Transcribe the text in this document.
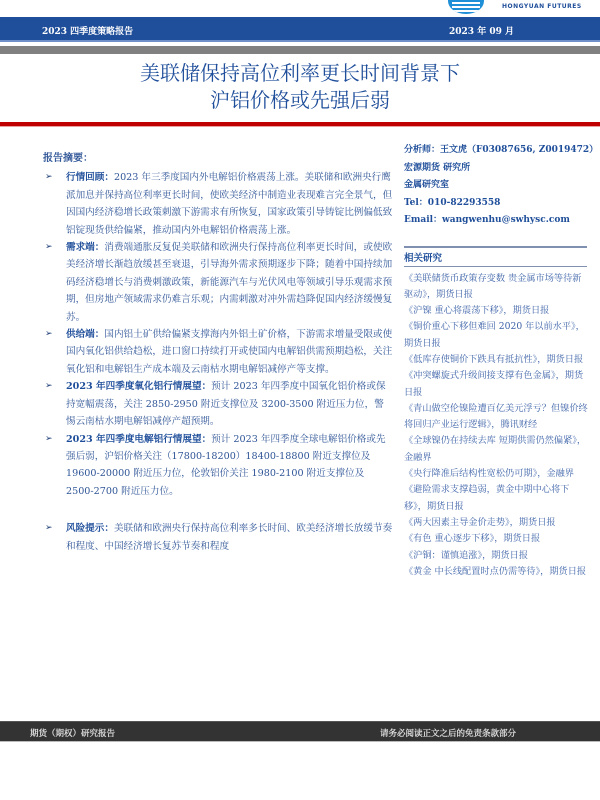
HONGYUAN FUTURES
2023 四季度策略报告	2023 年 09 月
美联储保持高位利率更长时间背景下
沪铝价格或先强后弱
报告摘要：
➢ 行情回顾：2023 年三季度国内外电解铝价格震荡上涨。美联储和欧洲央行鹰派加息并保持高位利率更长时间，使欧美经济中制造业表现难言完全景气，但因国内经济稳增长政策刺激下游需求有所恢复，国家政策引导铸锭比例偏低致铝锭现货供给偏紧，推动国内外电解铝价格震荡上涨。
➢ 需求端：消费端通胀反复促美联储和欧洲央行保持高位利率更长时间，或使欧美经济增长渐趋放缓甚至衰退，引导海外需求预期逐步下降；随着中国持续加码经济稳增长与消费刺激政策，新能源汽车与光伏风电等领域引导乐观需求预期，但房地产领域需求仍难言乐观；内需刺激对冲外需趋降促国内经济缓慢复苏。
➢ 供给端：国内铝土矿供给偏紧支撑海内外铝土矿价格，下游需求增量受限或使国内氧化铝供给趋松，进口窗口持续打开或使国内电解铝供需预期趋松，关注氧化铝和电解铝生产成本端及云南枯水期电解铝减停产等支撑。
➢ 2023 年四季度氧化铝行情展望：预计 2023 年四季度中国氧化铝价格或保持宽幅震荡，关注 2850-2950 附近支撑位及 3200-3500 附近压力位，警惕云南枯水期电解铝减停产超预期。
➢ 2023 年四季度电解铝行情展望：预计 2023 年四季度全球电解铝价格或先强后弱，沪铝价格关注（17800-18200）18400-18800 附近支撑位及 19600-20000 附近压力位，伦敦铝价关注 1980-2100 附近支撑位及 2500-2700 附近压力位。
➢ 风险提示：美联储和欧洲央行保持高位利率多长时间、欧美经济增长放缓节奏和程度、中国经济增长复苏节奏和程度
分析师：王文虎（F03087656, Z0019472）
宏源期货 研究所
金属研究室
Tel：010-82293558
Email：wangwenhu@swhysc.com
相关研究
《美联储货币政策存变数 贵金属市场等待新驱动》，期货日报
《沪镍 重心将震荡下移》，期货日报
《铜价重心下移但难回 2020 年以前水平》，期货日报
《低库存使铜价下跌具有抵抗性》，期货日报
《冲突螺旋式升级间接支撑有色金属》，期货日报
《青山做空伦镍险遭百亿美元浮亏？但镍价终将回归产业运行逻辑》，腾讯财经
《全球镍仍在持续去库 短期供需仍然偏紧》，金融界
《央行降准后结构性宽松仍可期》，金融界
《避险需求支撑趋弱，黄金中期中心将下移》，期货日报
《两大因素主导金价走势》，期货日报
《有色 重心逐步下移》，期货日报
《沪铜：谨慎追涨》，期货日报
《黄金 中长线配置时点仍需等待》，期货日报
期货（期权）研究报告	请务必阅读正文之后的免责条款部分
